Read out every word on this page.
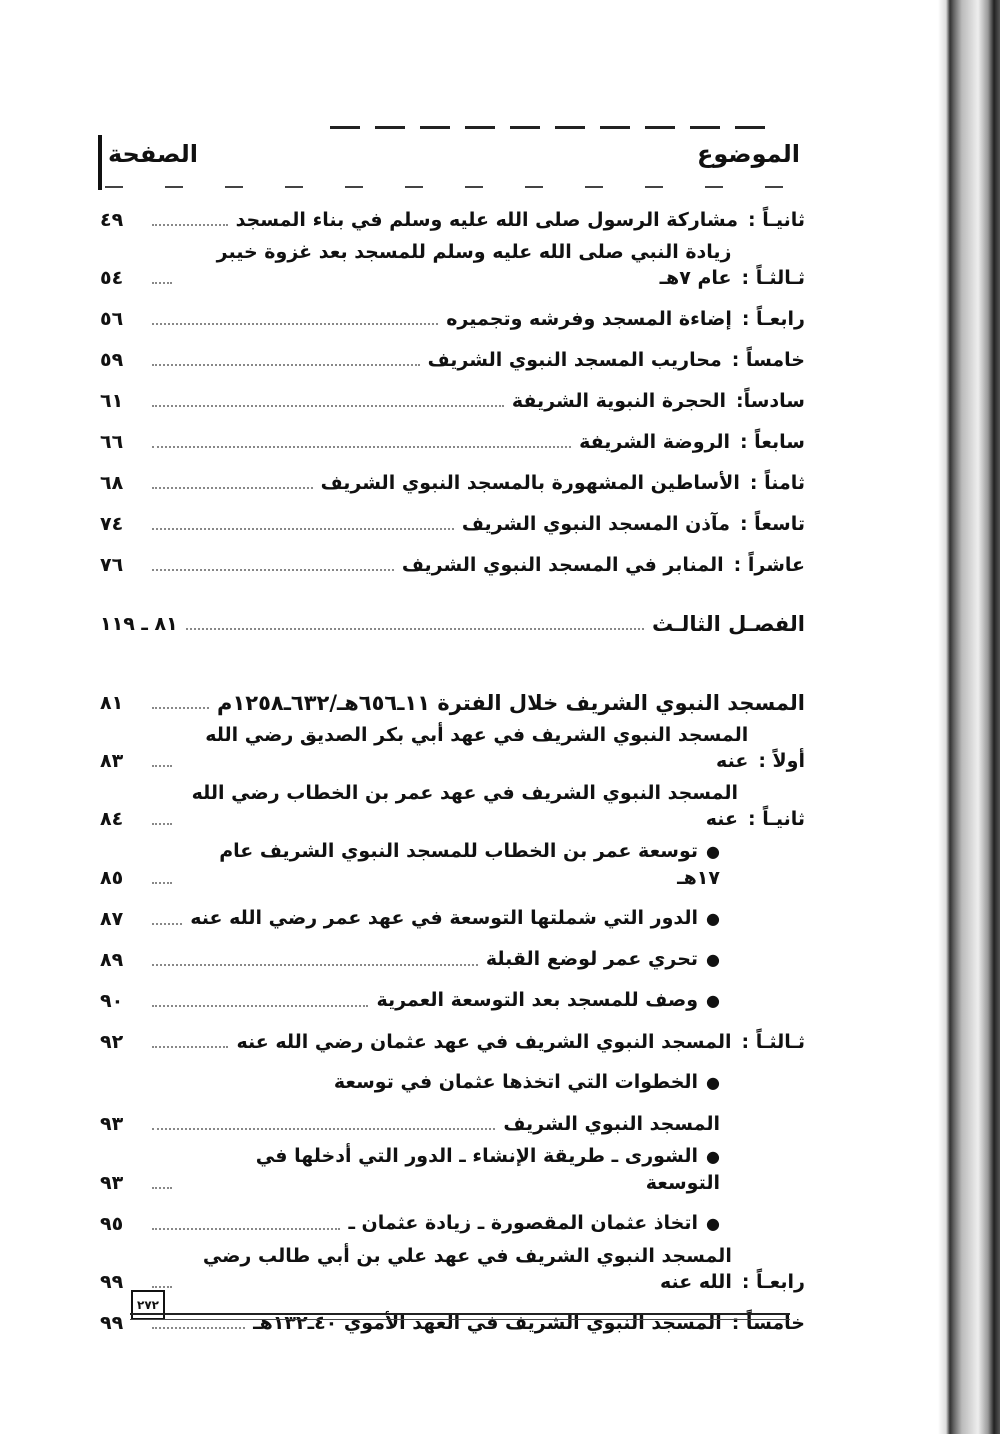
الموضوع
الصفحة
ثانيـاً :
مشاركة الرسول صلى الله عليه وسلم في بناء المسجد
٤٩
ثـالثـاً :
زيادة النبي صلى الله عليه وسلم للمسجد بعد غزوة خيبر عام ٧هـ
٥٤
رابعـاً :
إضاءة المسجد وفرشه وتجميره
٥٦
خامساً :
محاريب المسجد النبوي الشريف
٥٩
سادساً:
الحجرة النبوية الشريفة
٦١
سابعاً :
الروضة الشريفة
٦٦
ثامناً :
الأساطين المشهورة بالمسجد النبوي الشريف
٦٨
تاسعاً :
مآذن المسجد النبوي الشريف
٧٤
عاشراً :
المنابر في المسجد النبوي الشريف
٧٦
الفصـل الثالـث
٨١ ـ ١١٩
المسجد النبوي الشريف خلال الفترة ١١ـ٦٥٦هـ/٦٣٢ـ١٢٥٨م
٨١
أولاً :
المسجد النبوي الشريف في عهد أبي بكر الصديق رضي الله عنه
٨٣
ثانيـاً :
المسجد النبوي الشريف في عهد عمر بن الخطاب رضي الله عنه
٨٤
● توسعة عمر بن الخطاب للمسجد النبوي الشريف عام ١٧هـ
٨٥
● الدور التي شملتها التوسعة في عهد عمر رضي الله عنه
٨٧
● تحري عمر لوضع القبلة
٨٩
● وصف للمسجد بعد التوسعة العمرية
٩٠
ثـالثـاً :
المسجد النبوي الشريف في عهد عثمان رضي الله عنه
٩٢
● الخطوات التي اتخذها عثمان في توسعة
المسجد النبوي الشريف
٩٣
● الشورى ـ طريقة الإنشاء ـ الدور التي أدخلها في التوسعة
٩٣
● اتخاذ عثمان المقصورة ـ زيادة عثمان ـ
٩٥
رابعـاً :
المسجد النبوي الشريف في عهد علي بن أبي طالب رضي الله عنه
٩٩
خامساً :
المسجد النبوي الشريف في العهد الأموي ٤٠ـ١٣٢هـ
٩٩
٢٧٢
